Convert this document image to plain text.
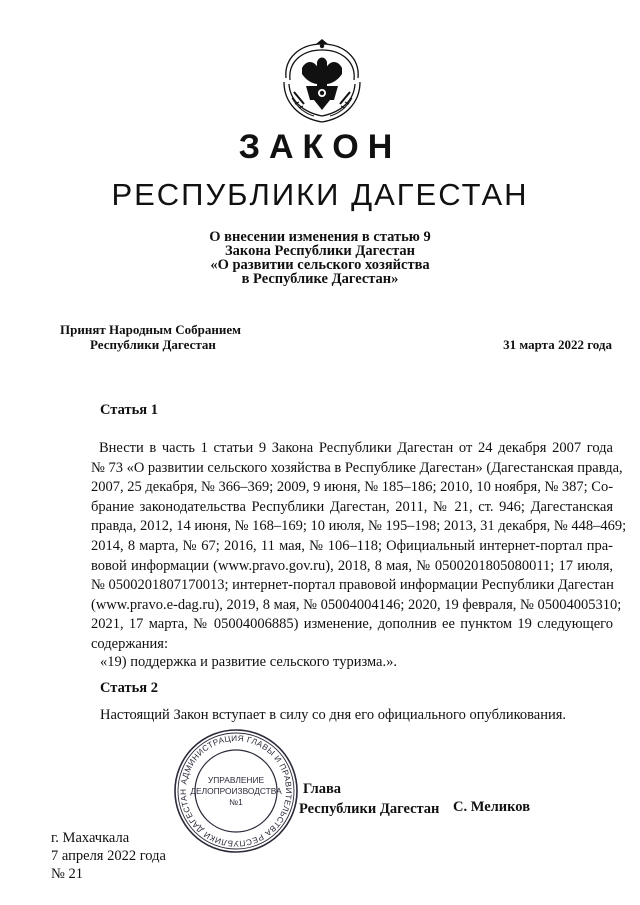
ЗАКОН
РЕСПУБЛИКИ ДАГЕСТАН
О внесении изменения в статью 9
Закона Республики Дагестан
«О развитии сельского хозяйства
в Республике Дагестан»
Принят Народным Собранием
Республики Дагестан	31 марта 2022 года
Статья 1
Внести в часть 1 статьи 9 Закона Республики Дагестан от 24 декабря 2007 года
№ 73 «О развитии сельского хозяйства в Республике Дагестан» (Дагестанская правда,
2007, 25 декабря, № 366–369; 2009, 9 июня, № 185–186; 2010, 10 ноября, № 387; Со-
брание законодательства Республики Дагестан, 2011, № 21, ст. 946; Дагестанская
правда, 2012, 14 июня, № 168–169; 10 июля, № 195–198; 2013, 31 декабря, № 448–469;
2014, 8 марта, № 67; 2016, 11 мая, № 106–118; Официальный интернет-портал пра-
вовой информации (www.pravo.gov.ru), 2018, 8 мая, № 0500201805080011; 17 июля,
№ 0500201807170013; интернет-портал правовой информации Республики Дагестан
(www.pravo.e-dag.ru), 2019, 8 мая, № 05004004146; 2020, 19 февраля, № 05004005310;
2021, 17 марта, № 05004006885) изменение, дополнив ее пунктом 19 следующего
содержания:
«19) поддержка и развитие сельского туризма.».
Статья 2
Настоящий Закон вступает в силу со дня его официального опубликования.
АДМИНИСТРАЦИЯ ГЛАВЫ И ПРАВИТЕЛЬСТВА РЕСПУБЛИКИ ДАГЕСТАН
УПРАВЛЕНИЕ
ДЕЛОПРОИЗВОДСТВА
№1
Глава
Республики Дагестан С. Меликов
г. Махачкала
7 апреля 2022 года
№ 21
